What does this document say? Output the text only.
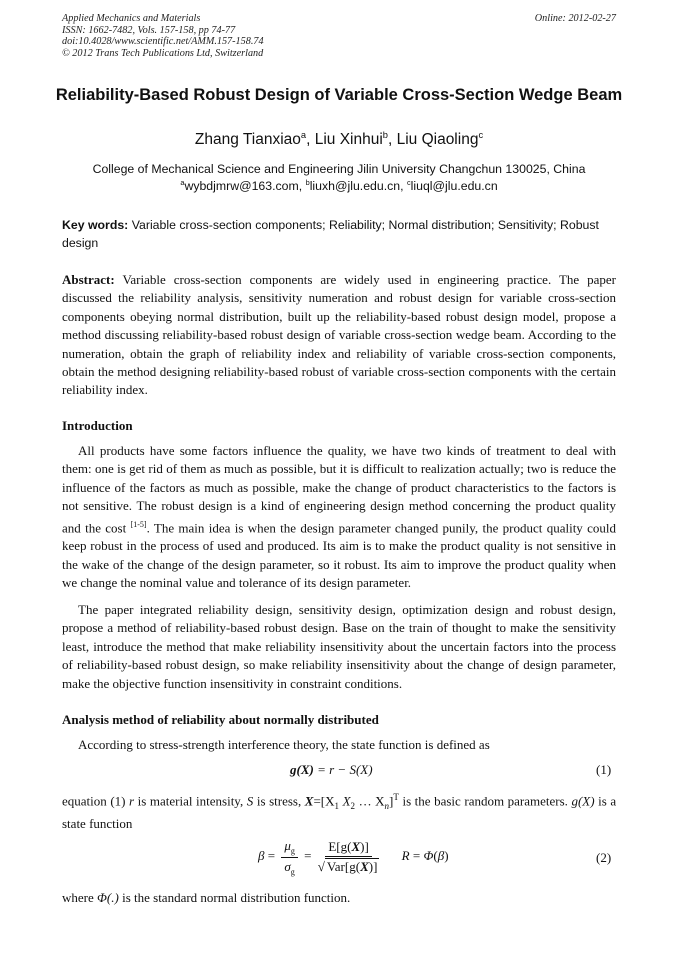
Applied Mechanics and Materials
ISSN: 1662-7482, Vols. 157-158, pp 74-77
doi:10.4028/www.scientific.net/AMM.157-158.74
© 2012 Trans Tech Publications Ltd, Switzerland
Online: 2012-02-27
Reliability-Based Robust Design of Variable Cross-Section Wedge Beam
Zhang Tianxiao$^a$, Liu Xinhui$^b$, Liu Qiaoling$^c$
College of Mechanical Science and Engineering Jilin University Changchun 130025, China
$^a$wybdjmrw@163.com, $^b$liuxh@jlu.edu.cn, $^c$liuql@jlu.edu.cn
Key words: Variable cross-section components; Reliability; Normal distribution; Sensitivity; Robust design
Abstract: Variable cross-section components are widely used in engineering practice. The paper discussed the reliability analysis, sensitivity numeration and robust design for variable cross-section components obeying normal distribution, built up the reliability-based robust design model, propose a method discussing reliability-based robust design of variable cross-section wedge beam. According to the numeration, obtain the graph of reliability index and reliability of variable cross-section components, obtain the method designing reliability-based robust of variable cross-section components with the certain reliability index.
Introduction

All products have some factors influence the quality, we have two kinds of treatment to deal with them: one is get rid of them as much as possible, but it is difficult to realization actually; two is reduce the influence of the factors as much as possible, make the change of product characteristics to the factors is not sensitive. The robust design is a kind of engineering design method concerning the product quality and the cost [1-5]. The main idea is when the design parameter changed punily, the product quality could keep robust in the process of used and produced. Its aim is to make the product quality is not sensitive in the wake of the change of the design parameter, so it robust. Its aim to improve the product quality when we change the nominal value and tolerance of its design parameter.

The paper integrated reliability design, sensitivity design, optimization design and robust design, propose a method of reliability-based robust design. Base on the train of thought to make the sensitivity least, introduce the method that make reliability insensitivity about the uncertain factors into the process of reliability-based robust design, so make reliability insensitivity about the change of design parameter, make the objective function insensitivity in constraint conditions.

Analysis method of reliability about normally distributed

According to stress-strength interference theory, the state function is defined as

g(X) = r − S(X)	(1)

equation (1) r is material intensity, S is stress, $X=[X_1$ $X_2$ … $X_n]^T$ is the basic random parameters. g(X) is a state function

$\beta = \frac{\mu_g}{\sigma_g} = \frac{E[g(X)]}{\text{√ Var[g(X)]}}$ R = Φ(β)	(2)

where Φ(.) is the standard normal distribution function.
